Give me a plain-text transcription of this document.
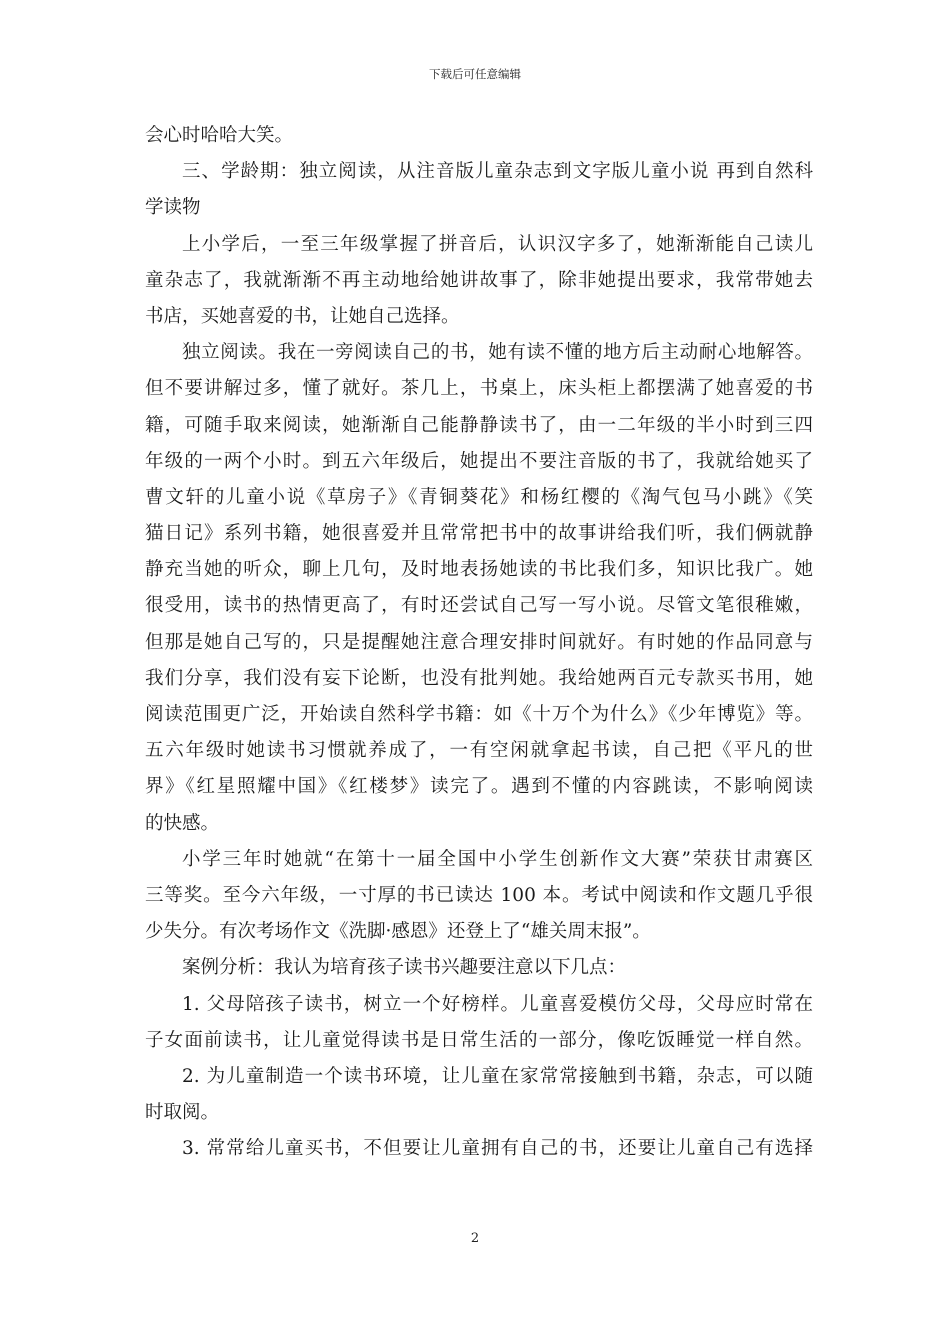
下载后可任意编辑
会心时哈哈大笑。
三、学龄期：独立阅读，从注音版儿童杂志到文字版儿童小说 再到自然科
学读物
上小学后，一至三年级掌握了拼音后，认识汉字多了，她渐渐能自己读儿
童杂志了，我就渐渐不再主动地给她讲故事了，除非她提出要求，我常带她去
书店，买她喜爱的书，让她自己选择。
独立阅读。我在一旁阅读自己的书，她有读不懂的地方后主动耐心地解答。
但不要讲解过多，懂了就好。茶几上，书桌上，床头柜上都摆满了她喜爱的书
籍，可随手取来阅读，她渐渐自己能静静读书了，由一二年级的半小时到三四
年级的一两个小时。到五六年级后，她提出不要注音版的书了，我就给她买了
曹文轩的儿童小说《草房子》《青铜葵花》和杨红樱的《淘气包马小跳》《笑
猫日记》系列书籍，她很喜爱并且常常把书中的故事讲给我们听，我们俩就静
静充当她的听众，聊上几句，及时地表扬她读的书比我们多，知识比我广。她
很受用，读书的热情更高了，有时还尝试自己写一写小说。尽管文笔很稚嫩，
但那是她自己写的，只是提醒她注意合理安排时间就好。有时她的作品同意与
我们分享，我们没有妄下论断，也没有批判她。我给她两百元专款买书用，她
阅读范围更广泛，开始读自然科学书籍：如《十万个为什么》《少年博览》等。
五六年级时她读书习惯就养成了，一有空闲就拿起书读，自己把《平凡的世
界》《红星照耀中国》《红楼梦》读完了。遇到不懂的内容跳读，不影响阅读
的快感。
小学三年时她就“在第十一届全国中小学生创新作文大赛”荣获甘肃赛区
三等奖。至今六年级，一寸厚的书已读达 100 本。考试中阅读和作文题几乎很
少失分。有次考场作文《洗脚·感恩》还登上了“雄关周末报”。
案例分析：我认为培育孩子读书兴趣要注意以下几点：
1. 父母陪孩子读书，树立一个好榜样。儿童喜爱模仿父母，父母应时常在
子女面前读书，让儿童觉得读书是日常生活的一部分，像吃饭睡觉一样自然。
2. 为儿童制造一个读书环境，让儿童在家常常接触到书籍，杂志，可以随
时取阅。
3. 常常给儿童买书，不但要让儿童拥有自己的书，还要让儿童自己有选择
2
